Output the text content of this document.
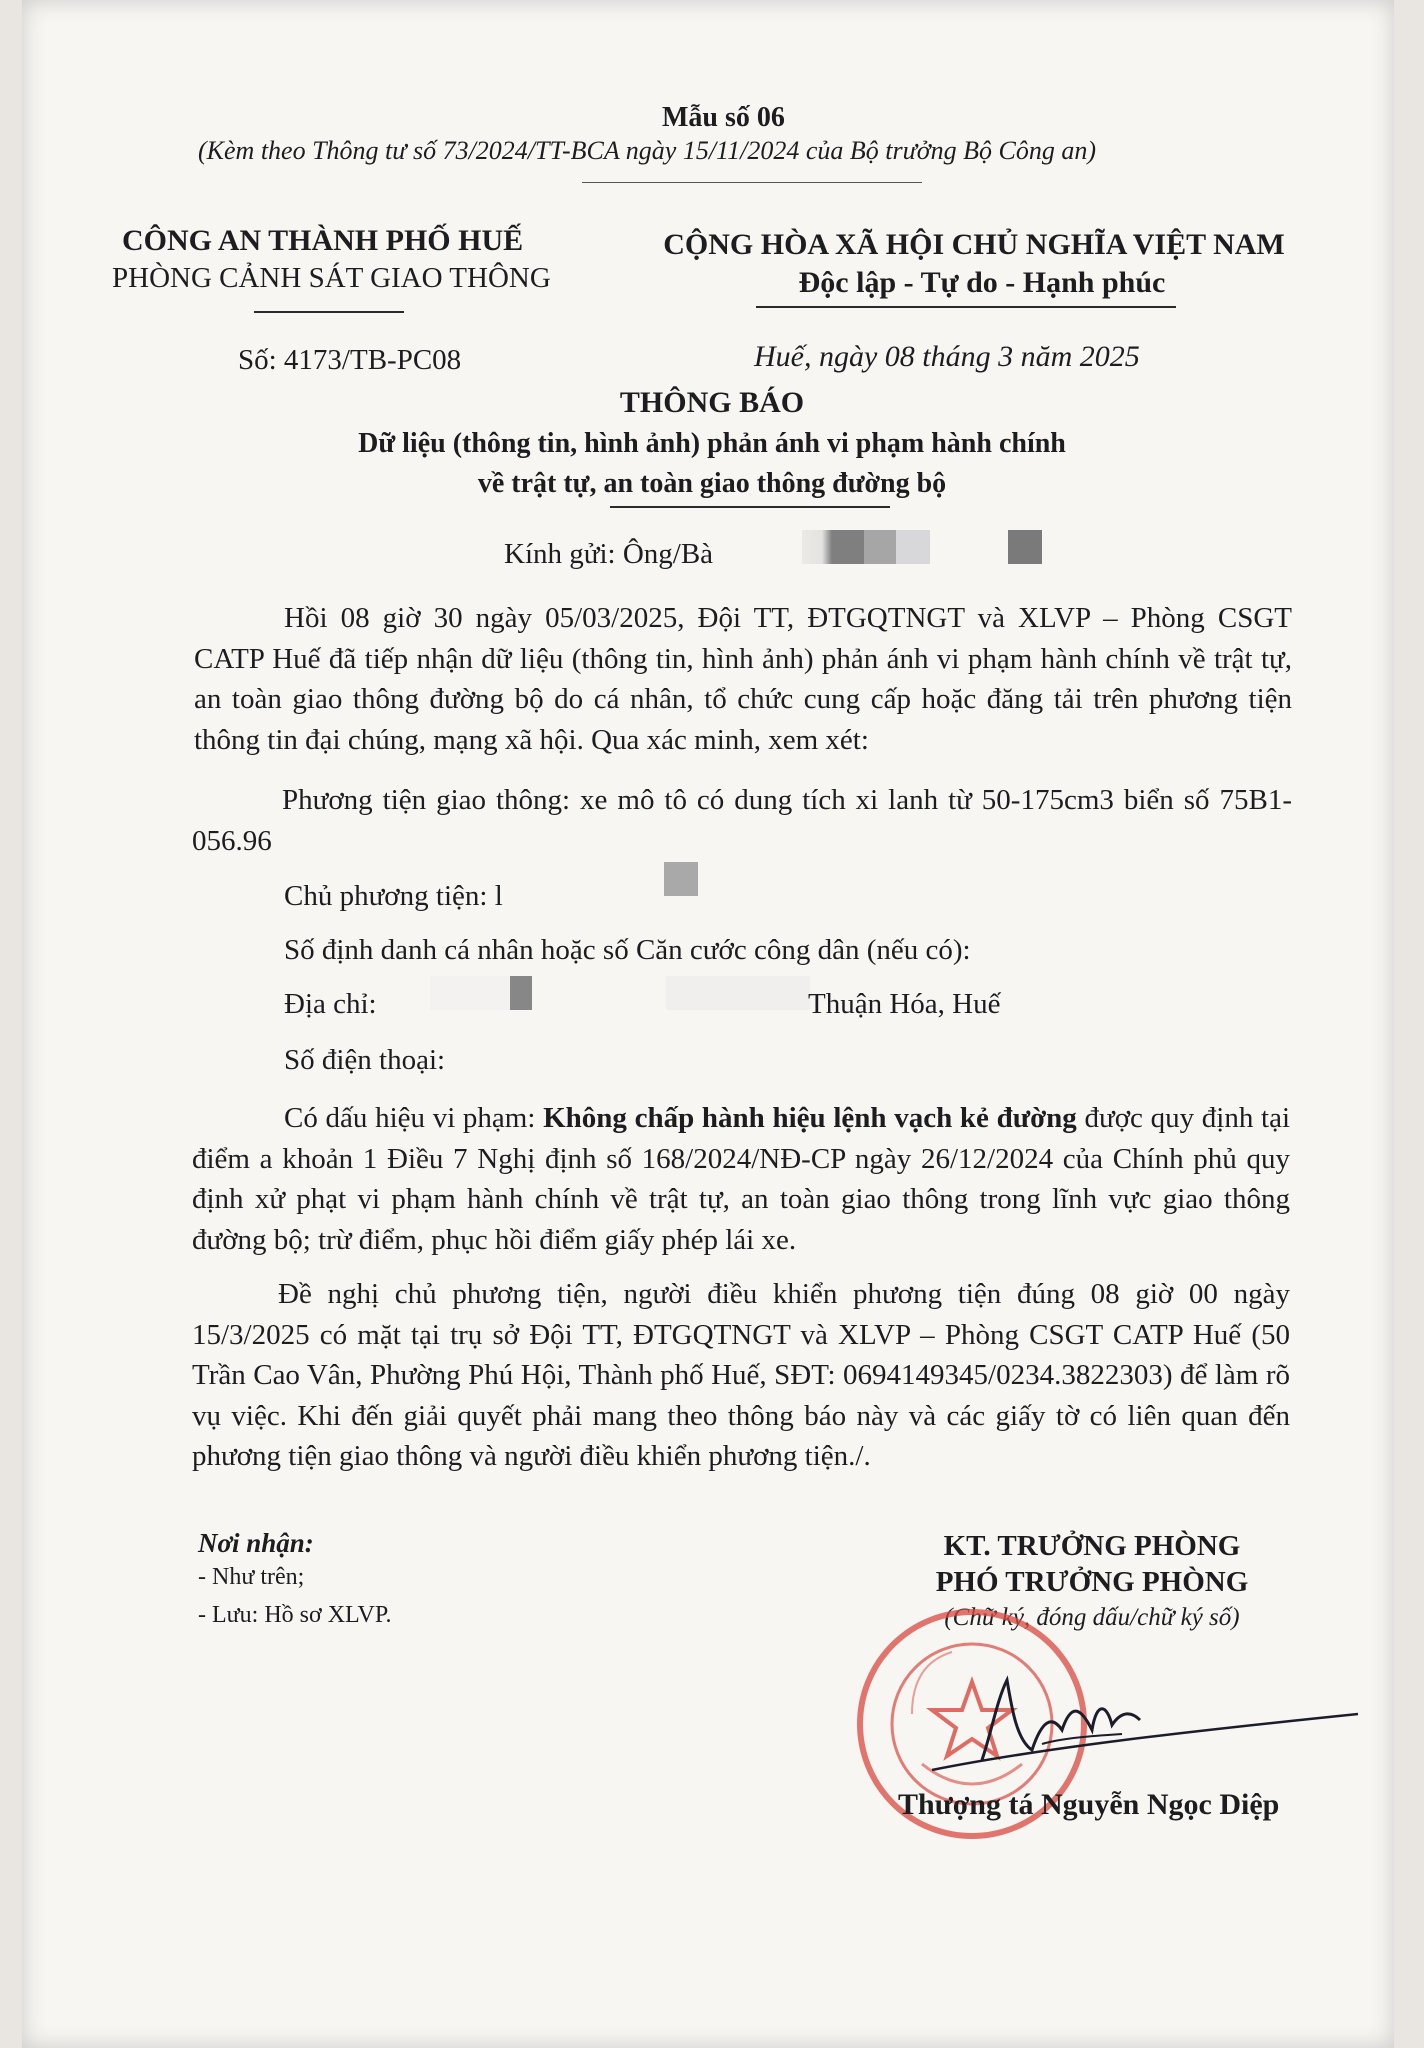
Mẫu số 06
(Kèm theo Thông tư số 73/2024/TT-BCA ngày 15/11/2024 của Bộ trưởng Bộ Công an)
CÔNG AN THÀNH PHỐ HUẾ
PHÒNG CẢNH SÁT GIAO THÔNG
CỘNG HÒA XÃ HỘI CHỦ NGHĨA VIỆT NAM
Độc lập - Tự do - Hạnh phúc
Số: 4173/TB-PC08	Huế, ngày 08 tháng 3 năm 2025
THÔNG BÁO
Dữ liệu (thông tin, hình ảnh) phản ánh vi phạm hành chính
về trật tự, an toàn giao thông đường bộ
Kính gửi: Ông/Bà
Hồi 08 giờ 30 ngày 05/03/2025, Đội TT, ĐTGQTNGT và XLVP – Phòng CSGT CATP Huế đã tiếp nhận dữ liệu (thông tin, hình ảnh) phản ánh vi phạm hành chính về trật tự, an toàn giao thông đường bộ do cá nhân, tổ chức cung cấp hoặc đăng tải trên phương tiện thông tin đại chúng, mạng xã hội. Qua xác minh, xem xét:
Phương tiện giao thông: xe mô tô có dung tích xi lanh từ 50-175cm3 biển số 75B1-056.96
Chủ phương tiện: l
Số định danh cá nhân hoặc số Căn cước công dân (nếu có):
Địa chỉ:	Thuận Hóa, Huế
Số điện thoại:
Có dấu hiệu vi phạm: Không chấp hành hiệu lệnh vạch kẻ đường được quy định tại điểm a khoản 1 Điều 7 Nghị định số 168/2024/NĐ-CP ngày 26/12/2024 của Chính phủ quy định xử phạt vi phạm hành chính về trật tự, an toàn giao thông trong lĩnh vực giao thông đường bộ; trừ điểm, phục hồi điểm giấy phép lái xe.
Đề nghị chủ phương tiện, người điều khiển phương tiện đúng 08 giờ 00 ngày 15/3/2025 có mặt tại trụ sở Đội TT, ĐTGQTNGT và XLVP – Phòng CSGT CATP Huế (50 Trần Cao Vân, Phường Phú Hội, Thành phố Huế, SĐT: 0694149345/0234.3822303) để làm rõ vụ việc. Khi đến giải quyết phải mang theo thông báo này và các giấy tờ có liên quan đến phương tiện giao thông và người điều khiển phương tiện./.
Nơi nhận:
- Như trên;
- Lưu: Hồ sơ XLVP.
KT. TRƯỞNG PHÒNG
PHÓ TRƯỞNG PHÒNG
(Chữ ký, đóng dấu/chữ ký số)
Thượng tá Nguyễn Ngọc Diệp
